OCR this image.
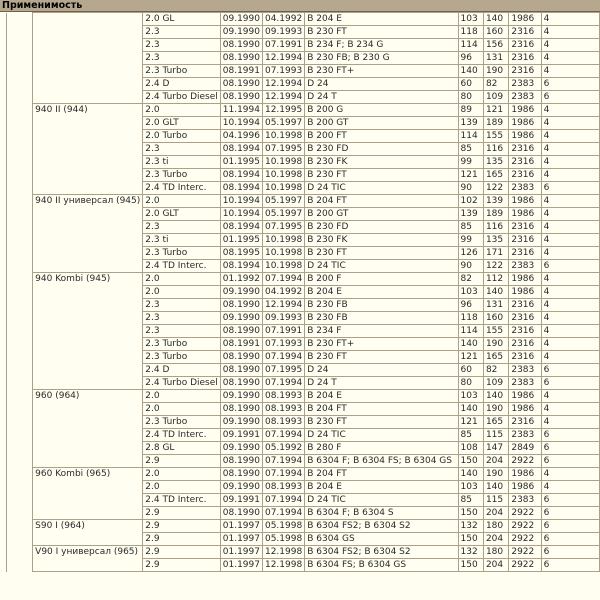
Применимость
		2.0 GL	09.1990	04.1992	B 204 E	103	140	1986	4
		2.3	09.1990	09.1993	B 230 FT	118	160	2316	4
		2.3	08.1990	07.1991	B 234 F; B 234 G	114	156	2316	4
		2.3	08.1990	12.1994	B 230 FB; B 230 G	96	131	2316	4
		2.3 Turbo	08.1991	07.1993	B 230 FT+	140	190	2316	4
		2.4 D	08.1990	12.1994	D 24	60	82	2383	6
		2.4 Turbo Diesel	08.1990	12.1994	D 24 T	80	109	2383	6
	940 II (944)	2.0	11.1994	12.1995	B 200 G	89	121	1986	4
		2.0 GLT	10.1994	05.1997	B 200 GT	139	189	1986	4
		2.0 Turbo	04.1996	10.1998	B 200 FT	114	155	1986	4
		2.3	08.1994	07.1995	B 230 FD	85	116	2316	4
		2.3 ti	01.1995	10.1998	B 230 FK	99	135	2316	4
		2.3 Turbo	08.1994	10.1998	B 230 FT	121	165	2316	4
		2.4 TD Interc.	08.1994	10.1998	D 24 TIC	90	122	2383	6
	940 II универсал (945)	2.0	10.1994	05.1997	B 204 FT	102	139	1986	4
		2.0 GLT	10.1994	05.1997	B 200 GT	139	189	1986	4
		2.3	08.1994	07.1995	B 230 FD	85	116	2316	4
		2.3 ti	01.1995	10.1998	B 230 FK	99	135	2316	4
		2.3 Turbo	08.1995	10.1998	B 230 FT	126	171	2316	4
		2.4 TD Interc.	08.1994	10.1998	D 24 TIC	90	122	2383	6
	940 Kombi (945)	2.0	01.1992	07.1994	B 200 F	82	112	1986	4
		2.0	09.1990	04.1992	B 204 E	103	140	1986	4
		2.3	08.1990	12.1994	B 230 FB	96	131	2316	4
		2.3	09.1990	09.1993	B 230 FB	118	160	2316	4
		2.3	08.1990	07.1991	B 234 F	114	155	2316	4
		2.3 Turbo	08.1991	07.1993	B 230 FT+	140	190	2316	4
		2.3 Turbo	08.1990	07.1994	B 230 FT	121	165	2316	4
		2.4 D	08.1990	07.1995	D 24	60	82	2383	6
		2.4 Turbo Diesel	08.1990	07.1994	D 24 T	80	109	2383	6
	960 (964)	2.0	09.1990	08.1993	B 204 E	103	140	1986	4
		2.0	08.1990	08.1993	B 204 FT	140	190	1986	4
		2.3 Turbo	09.1990	08.1993	B 230 FT	121	165	2316	4
		2.4 TD Interc.	09.1991	07.1994	D 24 TIC	85	115	2383	6
		2.8 GL	09.1990	05.1992	B 280 F	108	147	2849	6
		2.9	08.1990	07.1994	B 6304 F; B 6304 FS; B 6304 GS	150	204	2922	6
	960 Kombi (965)	2.0	08.1990	07.1994	B 204 FT	140	190	1986	4
		2.0	09.1990	08.1993	B 204 E	103	140	1986	4
		2.4 TD Interc.	09.1991	07.1994	D 24 TIC	85	115	2383	6
		2.9	08.1990	07.1994	B 6304 F; B 6304 S	150	204	2922	6
	S90 I (964)	2.9	01.1997	05.1998	B 6304 FS2; B 6304 S2	132	180	2922	6
		2.9	01.1997	05.1998	B 6304 GS	150	204	2922	6
	V90 I универсал (965)	2.9	01.1997	12.1998	B 6304 FS2; B 6304 S2	132	180	2922	6
		2.9	01.1997	12.1998	B 6304 FS; B 6304 GS	150	204	2922	6
